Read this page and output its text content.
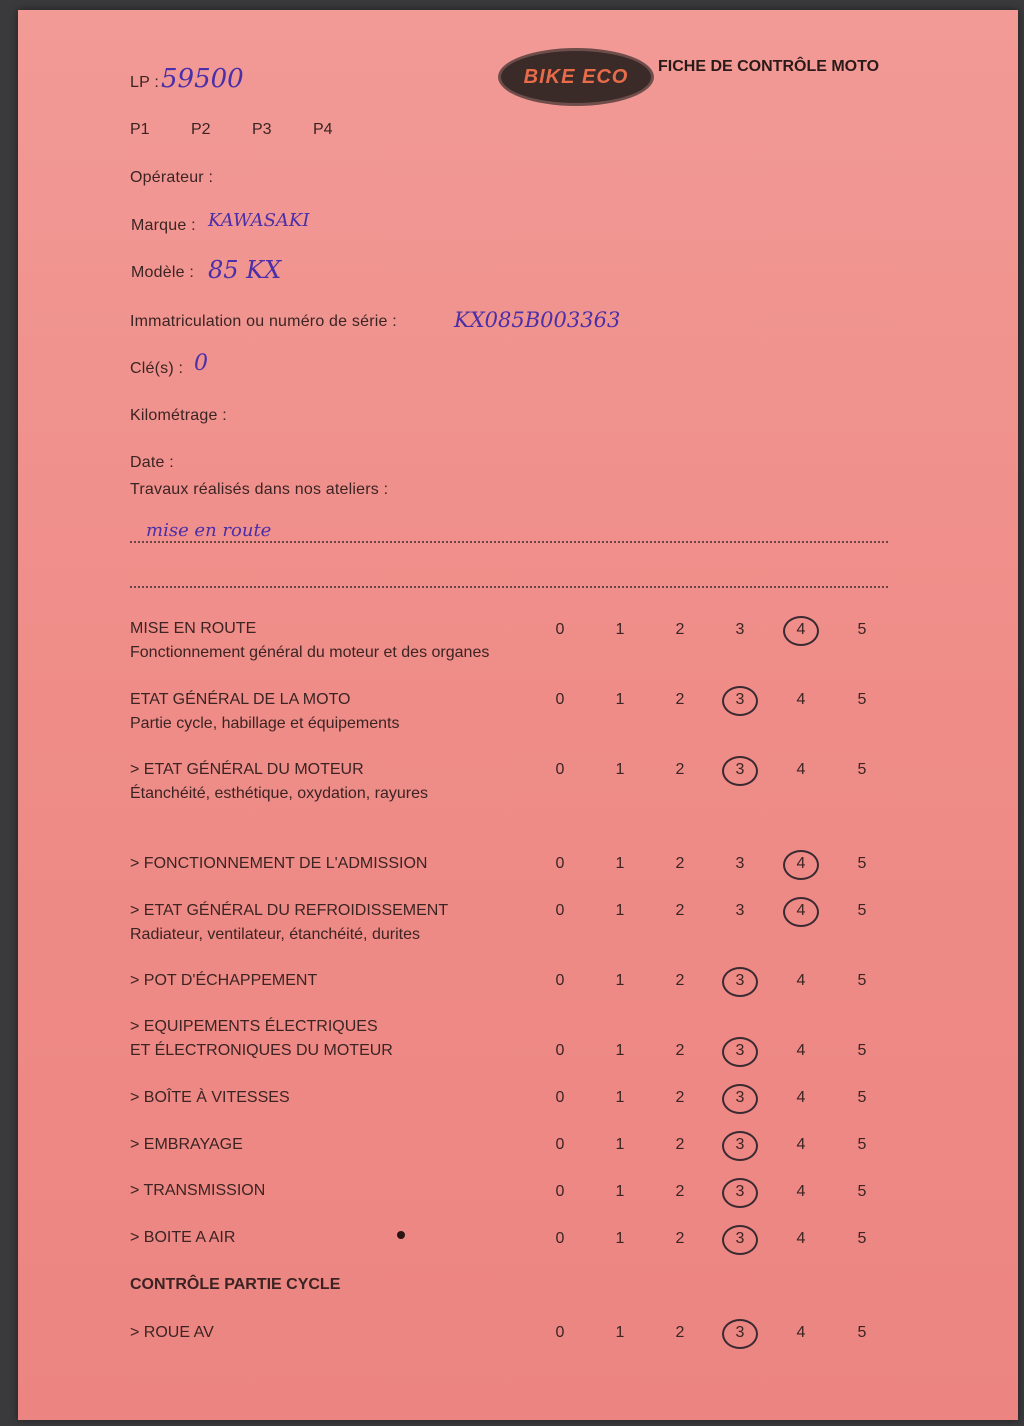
LP : 59500	BIKE ECO FICHE DE CONTRÔLE MOTO
P1	P2	P3	P4
Opérateur :
Marque : KAWASAKI
Modèle : 85 KX
Immatriculation ou numéro de série :	KX085B003363
Clé(s) : 0
Kilométrage :
Date :
Travaux réalisés dans nos ateliers :
mise en route
MISE EN ROUTE
Fonctionnement général du moteur et des organes
0	1	2	3	4	5
ETAT GÉNÉRAL DE LA MOTO
Partie cycle, habillage et équipements
0	1	2	3	4	5
> ETAT GÉNÉRAL DU MOTEUR
Étanchéité, esthétique, oxydation, rayures
0	1	2	3	4	5
> FONCTIONNEMENT DE L'ADMISSION	0	1	2	3	4	5
> ETAT GÉNÉRAL DU REFROIDISSEMENT
Radiateur, ventilateur, étanchéité, durites
0	1	2	3	4	5
> POT D'ÉCHAPPEMENT	0	1	2	3	4	5
> EQUIPEMENTS ÉLECTRIQUES
ET ÉLECTRONIQUES DU MOTEUR	0	1	2	3	4	5
> BOÎTE À VITESSES	0	1	2	3	4	5
> EMBRAYAGE	0	1	2	3	4	5
> TRANSMISSION	0	1	2	3	4	5
> BOITE A AIR	0	1	2	3	4	5
CONTRÔLE PARTIE CYCLE
> ROUE AV	0	1	2	3	4	5
